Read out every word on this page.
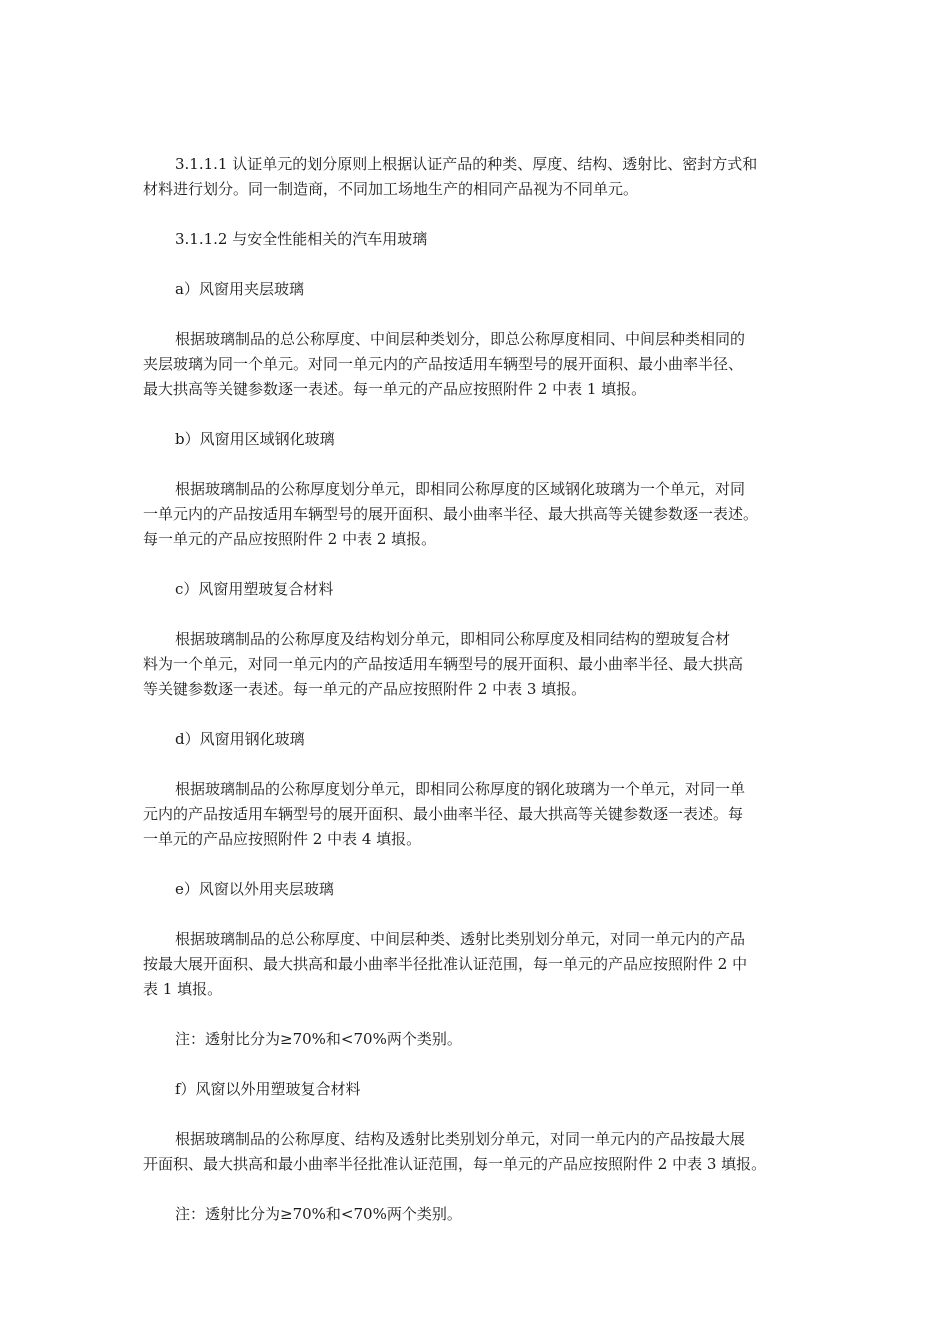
3.1.1.1 认证单元的划分原则上根据认证产品的种类、厚度、结构、透射比、密封方式和
材料进行划分。同一制造商，不同加工场地生产的相同产品视为不同单元。
3.1.1.2 与安全性能相关的汽车用玻璃
a）风窗用夹层玻璃
根据玻璃制品的总公称厚度、中间层种类划分，即总公称厚度相同、中间层种类相同的
夹层玻璃为同一个单元。对同一单元内的产品按适用车辆型号的展开面积、最小曲率半径、
最大拱高等关键参数逐一表述。每一单元的产品应按照附件 2 中表 1 填报。
b）风窗用区域钢化玻璃
根据玻璃制品的公称厚度划分单元，即相同公称厚度的区域钢化玻璃为一个单元，对同
一单元内的产品按适用车辆型号的展开面积、最小曲率半径、最大拱高等关键参数逐一表述。
每一单元的产品应按照附件 2 中表 2 填报。
c）风窗用塑玻复合材料
根据玻璃制品的公称厚度及结构划分单元，即相同公称厚度及相同结构的塑玻复合材
料为一个单元，对同一单元内的产品按适用车辆型号的展开面积、最小曲率半径、最大拱高
等关键参数逐一表述。每一单元的产品应按照附件 2 中表 3 填报。
d）风窗用钢化玻璃
根据玻璃制品的公称厚度划分单元，即相同公称厚度的钢化玻璃为一个单元，对同一单
元内的产品按适用车辆型号的展开面积、最小曲率半径、最大拱高等关键参数逐一表述。每
一单元的产品应按照附件 2 中表 4 填报。
e）风窗以外用夹层玻璃
根据玻璃制品的总公称厚度、中间层种类、透射比类别划分单元，对同一单元内的产品
按最大展开面积、最大拱高和最小曲率半径批准认证范围，每一单元的产品应按照附件 2 中
表 1 填报。
注：透射比分为≥70%和<70%两个类别。
f）风窗以外用塑玻复合材料
根据玻璃制品的公称厚度、结构及透射比类别划分单元，对同一单元内的产品按最大展
开面积、最大拱高和最小曲率半径批准认证范围，每一单元的产品应按照附件 2 中表 3 填报。
注：透射比分为≥70%和<70%两个类别。
